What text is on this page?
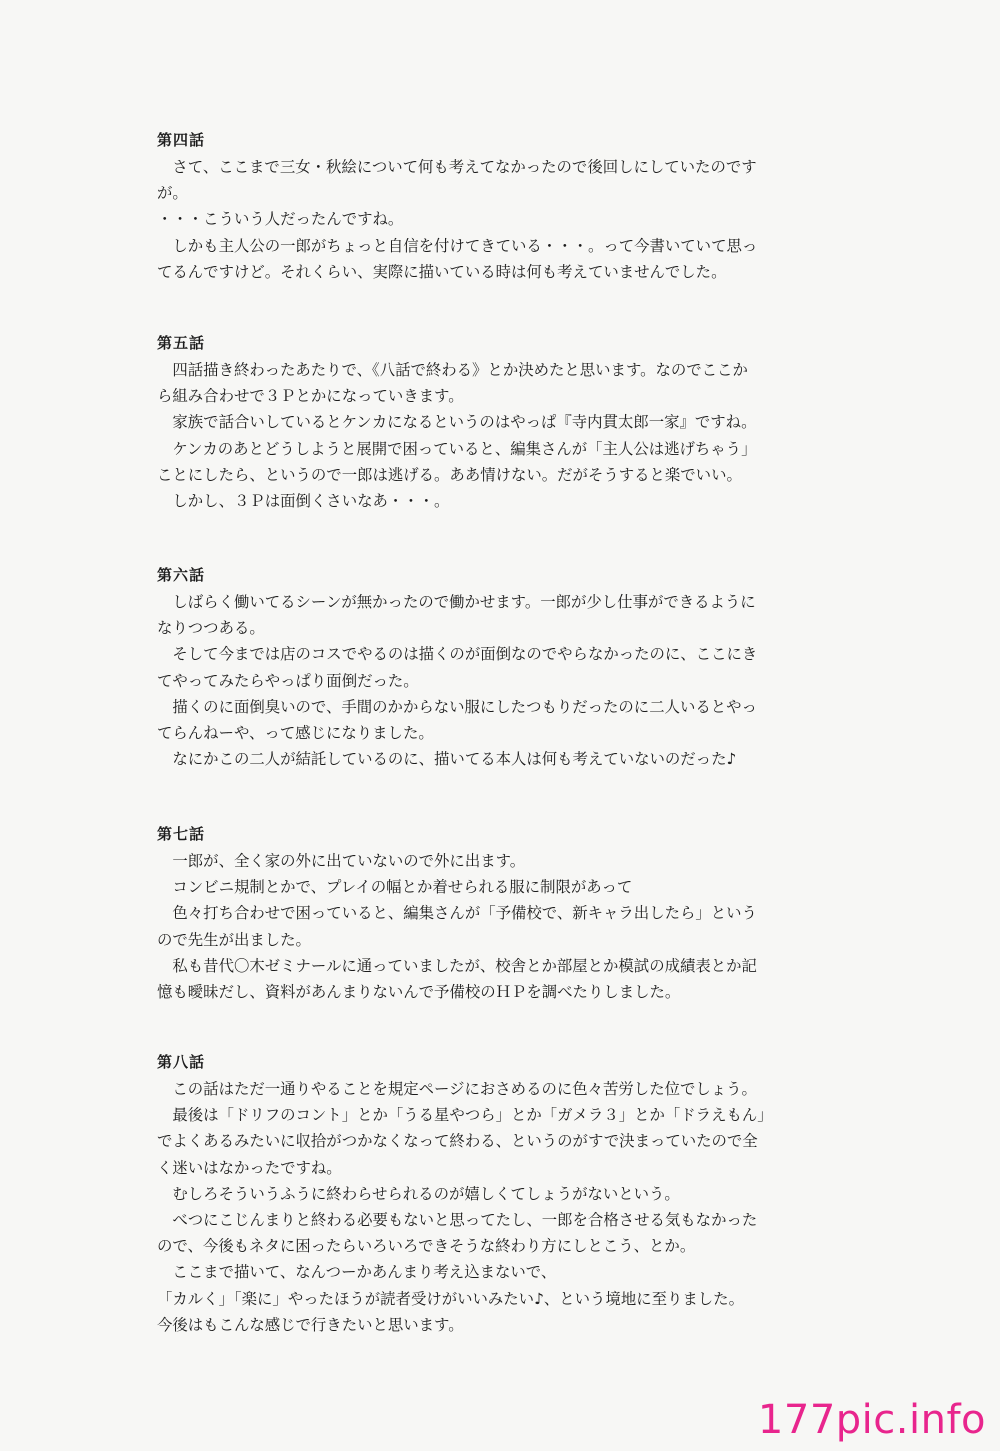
第四話

　さて、ここまで三女・秋絵について何も考えてなかったので後回しにしていたのです

が。

・・・こういう人だったんですね。

　しかも主人公の一郎がちょっと自信を付けてきている・・・。って今書いていて思っ

てるんですけど。それくらい、実際に描いている時は何も考えていませんでした。

第五話

　四話描き終わったあたりで、《八話で終わる》とか決めたと思います。なのでここか

ら組み合わせで３Ｐとかになっていきます。

　家族で話合いしているとケンカになるというのはやっぱ『寺内貫太郎一家』ですね。

　ケンカのあとどうしようと展開で困っていると、編集さんが「主人公は逃げちゃう」

ことにしたら、というので一郎は逃げる。ああ情けない。だがそうすると楽でいい。

　しかし、３Ｐは面倒くさいなあ・・・。

第六話

　しばらく働いてるシーンが無かったので働かせます。一郎が少し仕事ができるように

なりつつある。

　そして今までは店のコスでやるのは描くのが面倒なのでやらなかったのに、ここにき

てやってみたらやっぱり面倒だった。

　描くのに面倒臭いので、手間のかからない服にしたつもりだったのに二人いるとやっ

てらんねーや、って感じになりました。

　なにかこの二人が結託しているのに、描いてる本人は何も考えていないのだった♪

第七話

　一郎が、全く家の外に出ていないので外に出ます。

　コンビニ規制とかで、プレイの幅とか着せられる服に制限があって

　色々打ち合わせで困っていると、編集さんが「予備校で、新キャラ出したら」という

ので先生が出ました。

　私も昔代〇木ゼミナールに通っていましたが、校舎とか部屋とか模試の成績表とか記

憶も曖昧だし、資料があんまりないんで予備校のＨＰを調べたりしました。

第八話

　この話はただ一通りやることを規定ページにおさめるのに色々苦労した位でしょう。

　最後は「ドリフのコント」とか「うる星やつら」とか「ガメラ３」とか「ドラえもん」

でよくあるみたいに収拾がつかなくなって終わる、というのがすで決まっていたので全

く迷いはなかったですね。

　むしろそういうふうに終わらせられるのが嬉しくてしょうがないという。

　べつにこじんまりと終わる必要もないと思ってたし、一郎を合格させる気もなかった

ので、今後もネタに困ったらいろいろできそうな終わり方にしとこう、とか。

　ここまで描いて、なんつーかあんまり考え込まないで、

「カルく」「楽に」やったほうが読者受けがいいみたい♪、という境地に至りました。

今後はもこんな感じで行きたいと思います。

177pic.info
